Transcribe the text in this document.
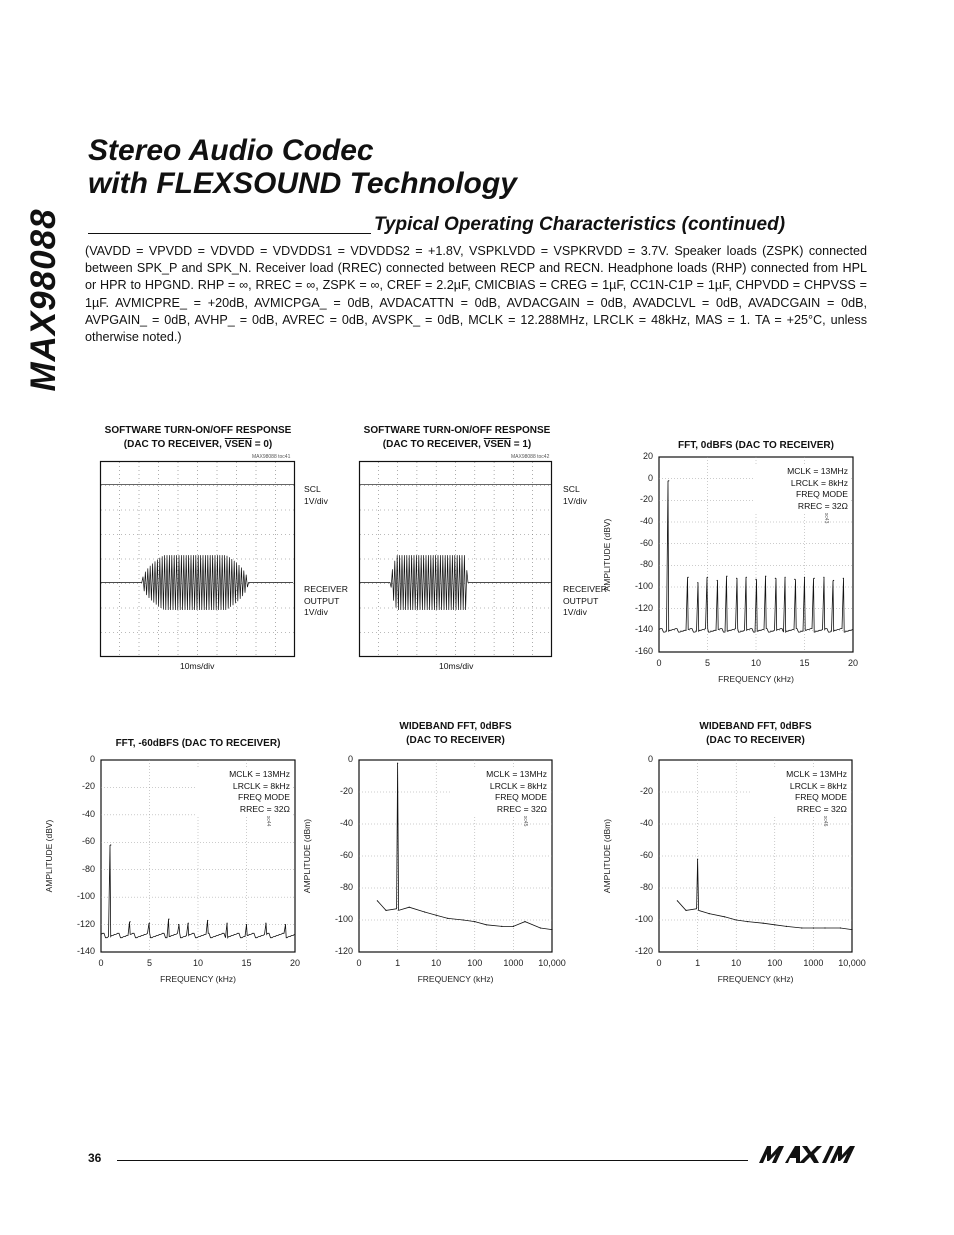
MAX98088
Stereo Audio Codec
with FLEXSOUND Technology
Typical Operating Characteristics (continued)
(VAVDD = VPVDD = VDVDD = VDVDDS1 = VDVDDS2 = +1.8V, VSPKLVDD = VSPKRVDD = 3.7V. Speaker loads (ZSPK) connected between SPK_P and SPK_N. Receiver load (RREC) connected between RECP and RECN. Headphone loads (RHP) connected from HPL or HPR to HPGND. RHP = ∞, RREC = ∞, ZSPK = ∞, CREF = 2.2µF, CMICBIAS = CREG = 1µF, CC1N-C1P = 1µF, CHPVDD = CHPVSS = 1µF. AVMICPRE_ = +20dB, AVMICPGA_ = 0dB, AVDACATTN = 0dB, AVDACGAIN = 0dB, AVADCLVL = 0dB, AVADCGAIN = 0dB, AVPGAIN_ = 0dB, AVHP_ = 0dB, AVREC = 0dB, AVSPK_ = 0dB, MCLK = 12.288MHz, LRCLK = 48kHz, MAS = 1. TA = +25°C, unless otherwise noted.)
SOFTWARE TURN-ON/OFF RESPONSE
(DAC TO RECEIVER, VSEN = 0)
MAX98088 toc41
SCL
1V/div
RECEIVER
OUTPUT
1V/div
10ms/div
SOFTWARE TURN-ON/OFF RESPONSE
(DAC TO RECEIVER, VSEN = 1)
MAX98088 toc42
SCL
1V/div
RECEIVER
OUTPUT
1V/div
10ms/div
FFT, 0dBFS (DAC TO RECEIVER)
20
0
-20
-40
-60
-80
-100
-120
-140
-160
0	5	10	15	20
FREQUENCY (kHz)
AMPLITUDE (dBV)
MCLK = 13MHz
LRCLK = 8kHz
FREQ MODE
RREC = 32Ω
FFT, -60dBFS (DAC TO RECEIVER)
0
-20
-40
-60
-80
-100
-120
-140
0	5	10	15	20
FREQUENCY (kHz)
AMPLITUDE (dBV)
MCLK = 13MHz
LRCLK = 8kHz
FREQ MODE
RREC = 32Ω
WIDEBAND FFT, 0dBFS
(DAC TO RECEIVER)
0
-20
-40
-60
-80
-100
-120
0	1	10	100	1000	10,000
FREQUENCY (kHz)
AMPLITUDE (dBm)
MCLK = 13MHz
LRCLK = 8kHz
FREQ MODE
RREC = 32Ω
WIDEBAND FFT, 0dBFS
(DAC TO RECEIVER)
0
-20
-40
-60
-80
-100
-120
0	1	10	100	1000	10,000
FREQUENCY (kHz)
AMPLITUDE (dBm)
MCLK = 13MHz
LRCLK = 8kHz
FREQ MODE
RREC = 32Ω
36
